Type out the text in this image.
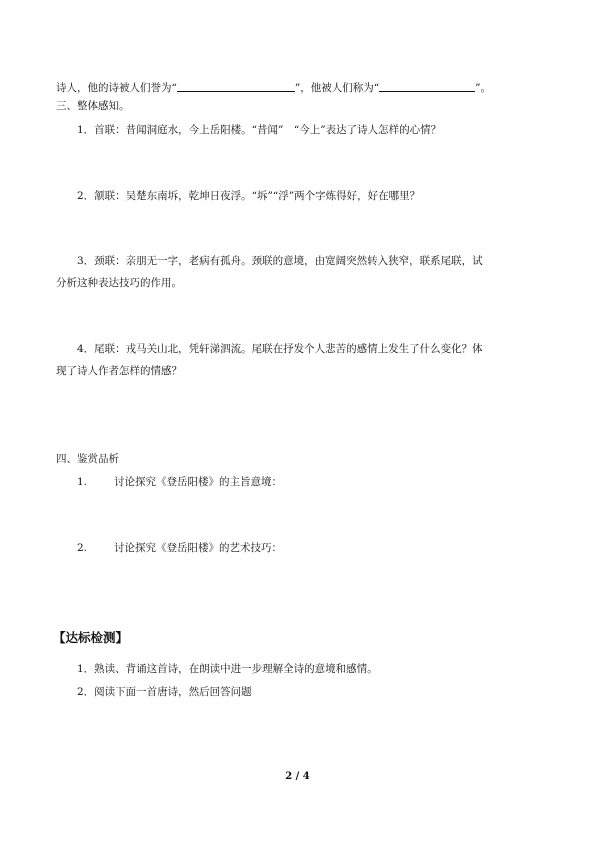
诗人，他的诗被人们誉为“	”，他被人们称为“	”。
三、整体感知。
1．首联：昔闻洞庭水，今上岳阳楼。“昔闻”　“今上”表达了诗人怎样的心情？
2．颔联：吴楚东南坼，乾坤日夜浮。“坼”“浮”两个字炼得好，好在哪里？
3．颈联：亲朋无一字，老病有孤舟。颈联的意境，由宽阔突然转入狭窄，联系尾联，试
分析这种表达技巧的作用。
4．尾联：戎马关山北，凭轩涕泗流。尾联在抒发个人悲苦的感情上发生了什么变化？体
现了诗人作者怎样的情感？
四、鉴赏品析
1.	讨论探究《登岳阳楼》的主旨意境：
2.	讨论探究《登岳阳楼》的艺术技巧：
【达标检测】
1．熟读、背诵这首诗，在朗读中进一步理解全诗的意境和感情。
2．阅读下面一首唐诗，然后回答问题
2 / 4
